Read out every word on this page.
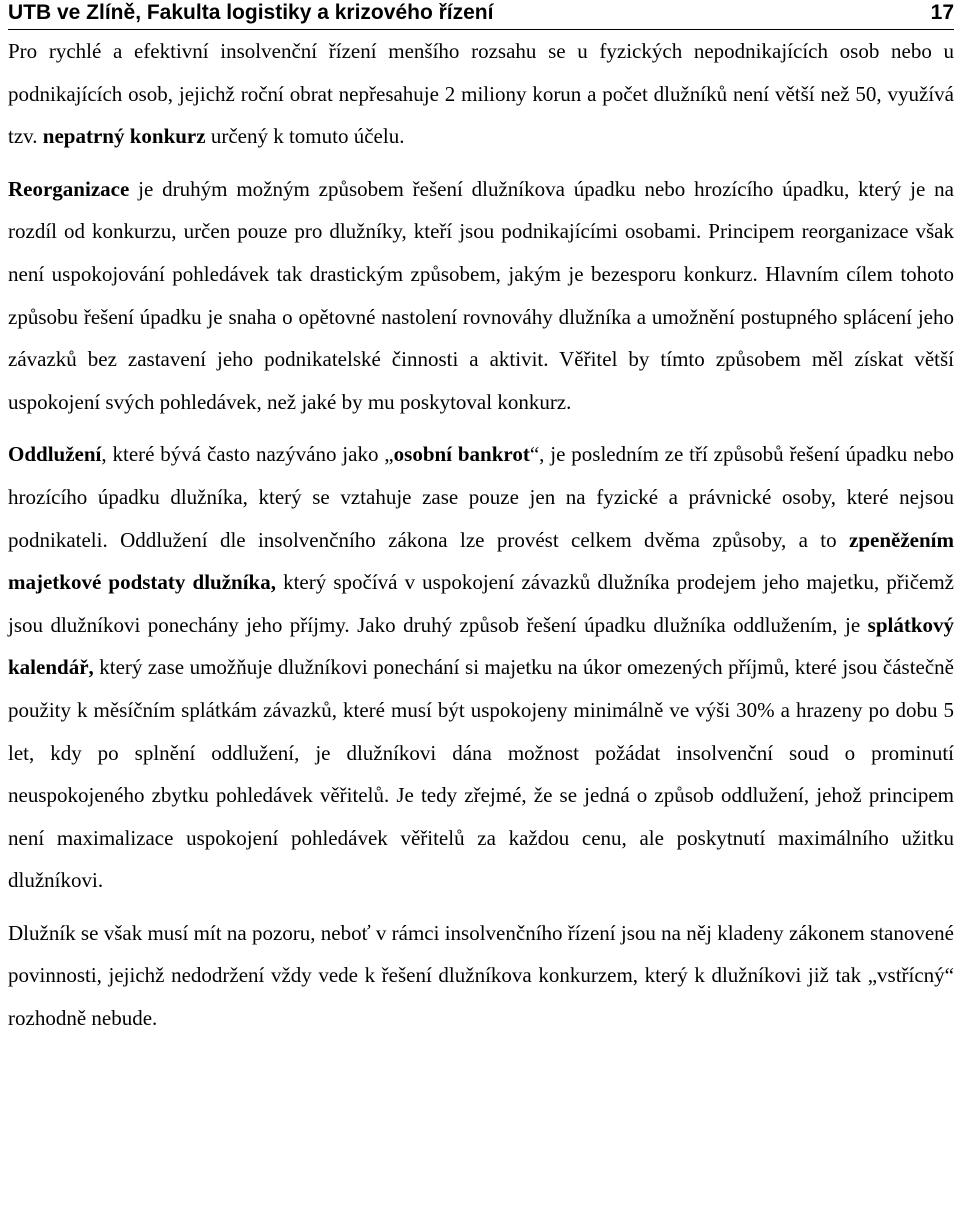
UTB ve Zlíně, Fakulta logistiky a krizového řízení	17

Pro rychlé a efektivní insolvenční řízení menšího rozsahu se u fyzických nepodnikajících osob nebo u podnikajících osob, jejichž roční obrat nepřesahuje 2 miliony korun a počet dlužníků není větší než 50, využívá tzv. nepatrný konkurz určený k tomuto účelu.

Reorganizace je druhým možným způsobem řešení dlužníkova úpadku nebo hrozícího úpadku, který je na rozdíl od konkurzu, určen pouze pro dlužníky, kteří jsou podnikajícími osobami. Principem reorganizace však není uspokojování pohledávek tak drastickým způsobem, jakým je bezesporu konkurz. Hlavním cílem tohoto způsobu řešení úpadku je snaha o opětovné nastolení rovnováhy dlužníka a umožnění postupného splácení jeho závazků bez zastavení jeho podnikatelské činnosti a aktivit. Věřitel by tímto způsobem měl získat větší uspokojení svých pohledávek, než jaké by mu poskytoval konkurz.

Oddlužení, které bývá často nazýváno jako „osobní bankrot“, je posledním ze tří způsobů řešení úpadku nebo hrozícího úpadku dlužníka, který se vztahuje zase pouze jen na fyzické a právnické osoby, které nejsou podnikateli. Oddlužení dle insolvenčního zákona lze provést celkem dvěma způsoby, a to zpeněžením majetkové podstaty dlužníka, který spočívá v uspokojení závazků dlužníka prodejem jeho majetku, přičemž jsou dlužníkovi ponechány jeho příjmy. Jako druhý způsob řešení úpadku dlužníka oddlužením, je splátkový kalendář, který zase umožňuje dlužníkovi ponechání si majetku na úkor omezených příjmů, které jsou částečně použity k měsíčním splátkám závazků, které musí být uspokojeny minimálně ve výši 30% a hrazeny po dobu 5 let, kdy po splnění oddlužení, je dlužníkovi dána možnost požádat insolvenční soud o prominutí neuspokojeného zbytku pohledávek věřitelů. Je tedy zřejmé, že se jedná o způsob oddlužení, jehož principem není maximalizace uspokojení pohledávek věřitelů za každou cenu, ale poskytnutí maximálního užitku dlužníkovi.

Dlužník se však musí mít na pozoru, neboť v rámci insolvenčního řízení jsou na něj kladeny zákonem stanovené povinnosti, jejichž nedodržení vždy vede k řešení dlužníkova konkurzem, který k dlužníkovi již tak „vstřícný“ rozhodně nebude.
